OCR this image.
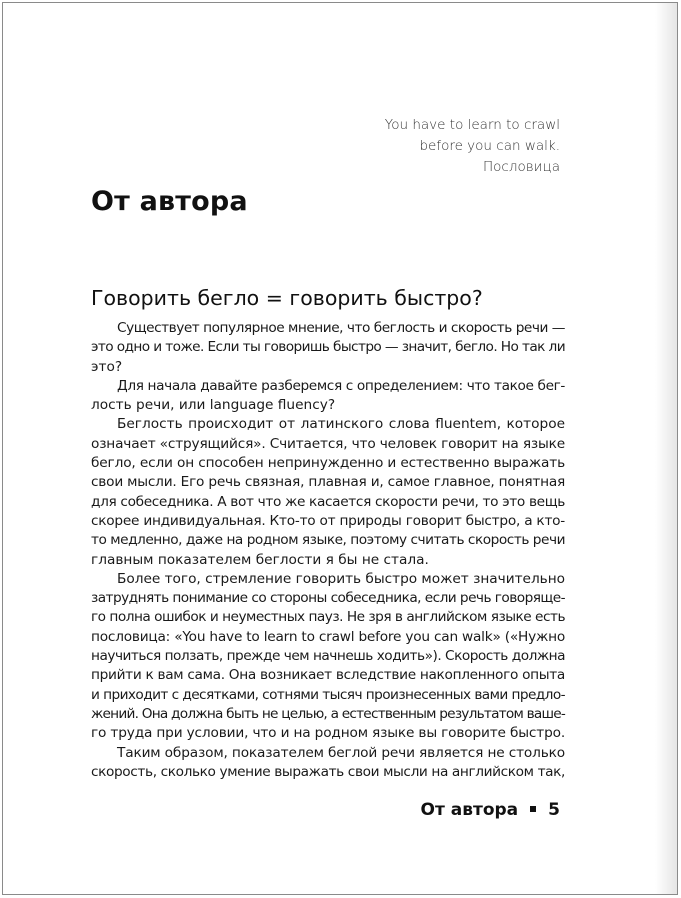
You have to learn to crawl
before you can walk.
Пословица
От автора
Говорить бегло = говорить быстро?
Существует популярное мнение, что беглость и скорость речи —
это одно и тоже. Если ты говоришь быстро — значит, бегло. Но так ли
это?
Для начала давайте разберемся с определением: что такое бег-
лость речи, или language fluency?
Беглость происходит от латинского слова fluentem, которое
означает «струящийся». Считается, что человек говорит на языке
бегло, если он способен непринужденно и естественно выражать
свои мысли. Его речь связная, плавная и, самое главное, понятная
для собеседника. А вот что же касается скорости речи, то это вещь
скорее индивидуальная. Кто-то от природы говорит быстро, а кто-
то медленно, даже на родном языке, поэтому считать скорость речи
главным показателем беглости я бы не стала.
Более того, стремление говорить быстро может значительно
затруднять понимание со стороны собеседника, если речь говоряще-
го полна ошибок и неуместных пауз. Не зря в английском языке есть
пословица: «You have to learn to crawl before you can walk» («Нужно
научиться ползать, прежде чем начнешь ходить»). Скорость должна
прийти к вам сама. Она возникает вследствие накопленного опыта
и приходит с десятками, сотнями тысяч произнесенных вами предло-
жений. Она должна быть не целью, а естественным результатом ваше-
го труда при условии, что и на родном языке вы говорите быстро.
Таким образом, показателем беглой речи является не столько
скорость, сколько умение выражать свои мысли на английском так,
От автора 5
